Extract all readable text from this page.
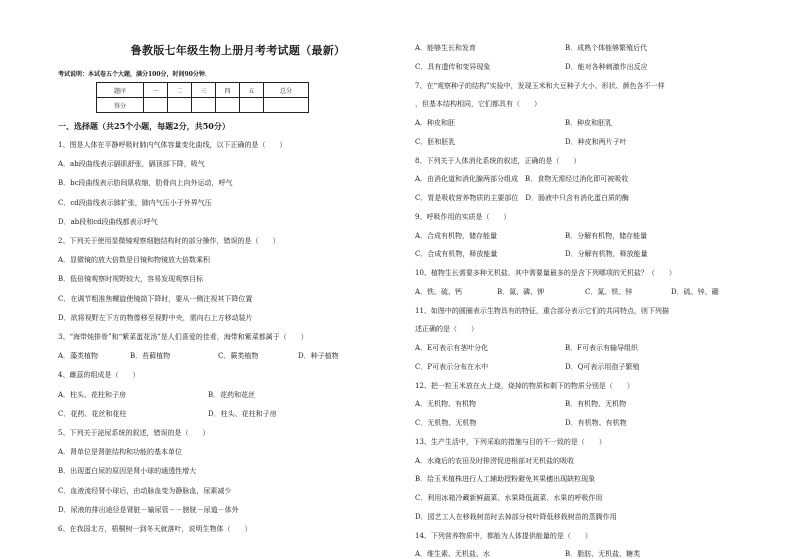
鲁教版七年级生物上册月考考试题（最新）
考试说明：本试卷五个大题，满分100分，时间90分钟．
题序	一	二	三	四	五	总分
得分						
一、选择题（共25个小题，每题2分，共50分）
1、图是人体在平静呼吸时肺内气体容量变化曲线，以下正确的是（　　）
A．ab段曲线表示膈肌舒张，膈顶部下降，吸气
B．bc段曲线表示肋间肌收缩，肋骨向上向外运动，呼气
C．cd段曲线表示肺扩张，肺内气压小于外界气压
D．ab段和cd段曲线都表示呼气
2、下列关于使用显微镜观察细胞结构时的部分操作，错误的是（　　）
A．显微镜的放大倍数是目镜和物镜放大倍数乘积
B．低倍镜观察时视野较大，容易发现观察目标
C．在调节粗准焦螺旋使镜筒下降时，要从一侧注视其下降位置
D．欲将视野左下方的物像移至视野中央，需向右上方移动装片
3、“海带炖排骨”和“紫菜蛋花汤”是人们喜爱的佳肴，海带和紫菜都属于（　　）
4、雌蕊的组成是（　　）
5、下列关于泌尿系统的叙述，错误的是（　　）
A．肾单位是肾脏结构和功能的基本单位
B．出现蛋白尿的原因是肾小球的通透性增大
C．血液流经肾小球后，由动脉血变为静脉血，尿素减少
D．尿液的排出途径是肾脏－输尿管－－膀胱－尿道－体外
6、在我国北方，梧桐树一到冬天就落叶，说明生物体（　　）
A．藻类植物	B．苔藓植物	C．蕨类植物	D．种子植物
A．柱头、花柱和子房	B．花药和花丝
C．花药、花丝和花柱	D．柱头、花柱和子房
7、在“观察种子的结构”实验中，发现玉米和大豆种子大小、形状、颜色各不一样
，但基本结构相同，它们都具有（　　）
8、下列关于人体消化系统的叙述，正确的是（　　）
A．由消化道和消化腺两部分组成　B．食物无需经过消化即可被吸收
C．胃是吸收营养物质的主要部位　D．肠液中只含有消化蛋白质的酶
9、呼吸作用的实质是（　　）
10、植物生长需要多种无机盐，其中需要量最多的是含下列哪项的无机盐？（　　）
11、如图中的圆圈表示生物具有的特征，重合部分表示它们的共同特点，则下列描
述正确的是（　　）
12、把一粒玉米放在火上烧，烧掉的物质和剩下的物质分别是（　　）
13、生产生活中，下列采取的措施与目的不一致的是（　　）
A．水淹后的农田及时排涝促进根部对无机盐的吸收
B．给玉米植株进行人工辅助授粉避免其果穗出现缺粒现象
C．利用冰箱冷藏新鲜蔬菜、水果降低蔬菜、水果的呼吸作用
D．园艺工人在移栽树苗时去掉部分枝叶降低移栽树苗的蒸腾作用
14、下列营养物质中，都能为人体提供能量的是（　　）
A．能够生长和发育	B．成熟个体能够繁殖后代
C．具有遗传和变异现象	D．能对各种刺激作出反应
A．种皮和胚	B．种皮和胚乳
C．胚和胚乳	D．种皮和两片子叶
A．合成有机物，储存能量	B．分解有机物，储存能量
C．合成有机物，释放能量	D．分解有机物，释放能量
A．E可表示有茎叶分化	B．F可表示有输导组织
C．P可表示分布在水中	D．Q可表示用孢子繁殖
A．无机物、有机物	B．有机物、无机物
C．无机物、无机物	D．有机物、有机物
A．维生素、无机盐、水	B．脂肪、无机盐、糖类
A．铁、硫、钙	B．氮、磷、钾	C．氮、铁、锌	D．硫、锌、硼
